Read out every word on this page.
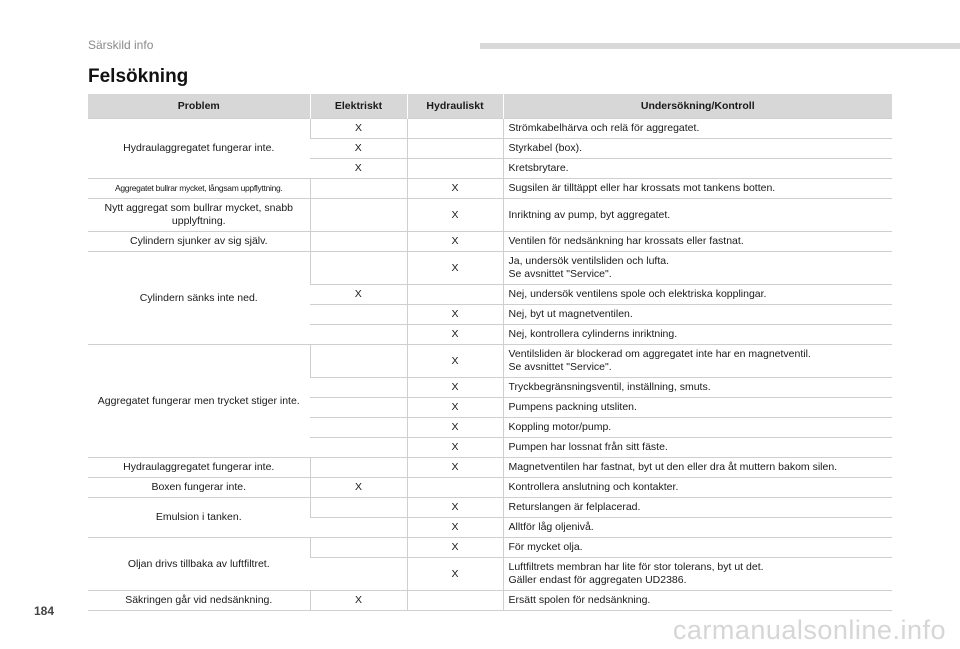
Särskild info
Felsökning
Problem	Elektriskt	Hydrauliskt	Undersökning/Kontroll
Hydraulaggregatet fungerar inte.	X		Strömkabelhärva och relä för aggregatet.
	X		Styrkabel (box).
	X		Kretsbrytare.
Aggregatet bullrar mycket, långsam uppflyttning.		X	Sugsilen är tilltäppt eller har krossats mot tankens botten.
Nytt aggregat som bullrar mycket, snabb upplyftning.		X	Inriktning av pump, byt aggregatet.
Cylindern sjunker av sig själv.		X	Ventilen för nedsänkning har krossats eller fastnat.
Cylindern sänks inte ned.		X	Ja, undersök ventilsliden och lufta.
Se avsnittet "Service".
	X		Nej, undersök ventilens spole och elektriska kopplingar.
		X	Nej, byt ut magnetventilen.
		X	Nej, kontrollera cylinderns inriktning.
Aggregatet fungerar men trycket stiger inte.		X	Ventilsliden är blockerad om aggregatet inte har en magnetventil.
Se avsnittet "Service".
		X	Tryckbegränsningsventil, inställning, smuts.
		X	Pumpens packning utsliten.
		X	Koppling motor/pump.
		X	Pumpen har lossnat från sitt fäste.
Hydraulaggregatet fungerar inte.		X	Magnetventilen har fastnat, byt ut den eller dra åt muttern bakom silen.
Boxen fungerar inte.	X		Kontrollera anslutning och kontakter.
Emulsion i tanken.		X	Returslangen är felplacerad.
		X	Alltför låg oljenivå.
Oljan drivs tillbaka av luftfiltret.		X	För mycket olja.
		X	Luftfiltrets membran har lite för stor tolerans, byt ut det.
Gäller endast för aggregaten UD2386.
Säkringen går vid nedsänkning.	X		Ersätt spolen för nedsänkning.
184
carmanualsonline.info
